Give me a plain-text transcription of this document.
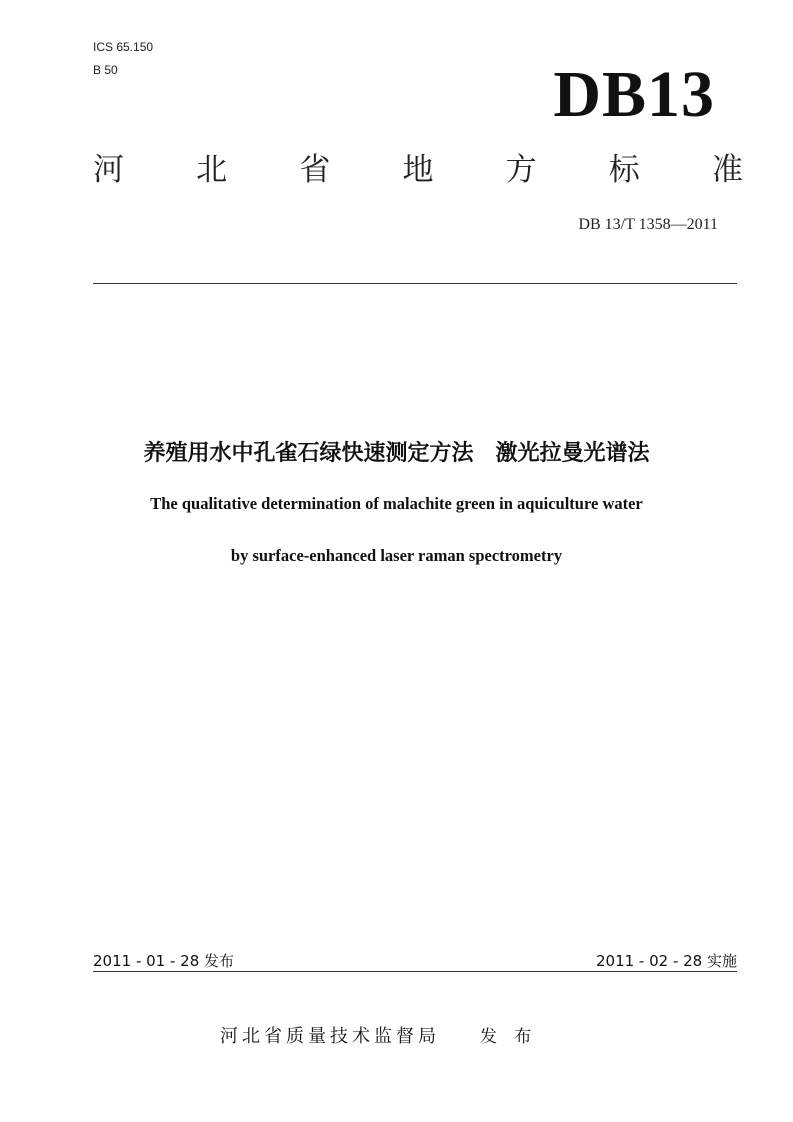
ICS 65.150
B 50	DB13
河 北 省 地 方 标 准
DB 13/T 1358—2011
养殖用水中孔雀石绿快速测定方法　激光拉曼光谱法
The qualitative determination of malachite green in aquiculture water
by surface-enhanced laser raman spectrometry
2011 - 01 - 28 发布	2011 - 02 - 28 实施
河北省质量技术监督局 发 布
